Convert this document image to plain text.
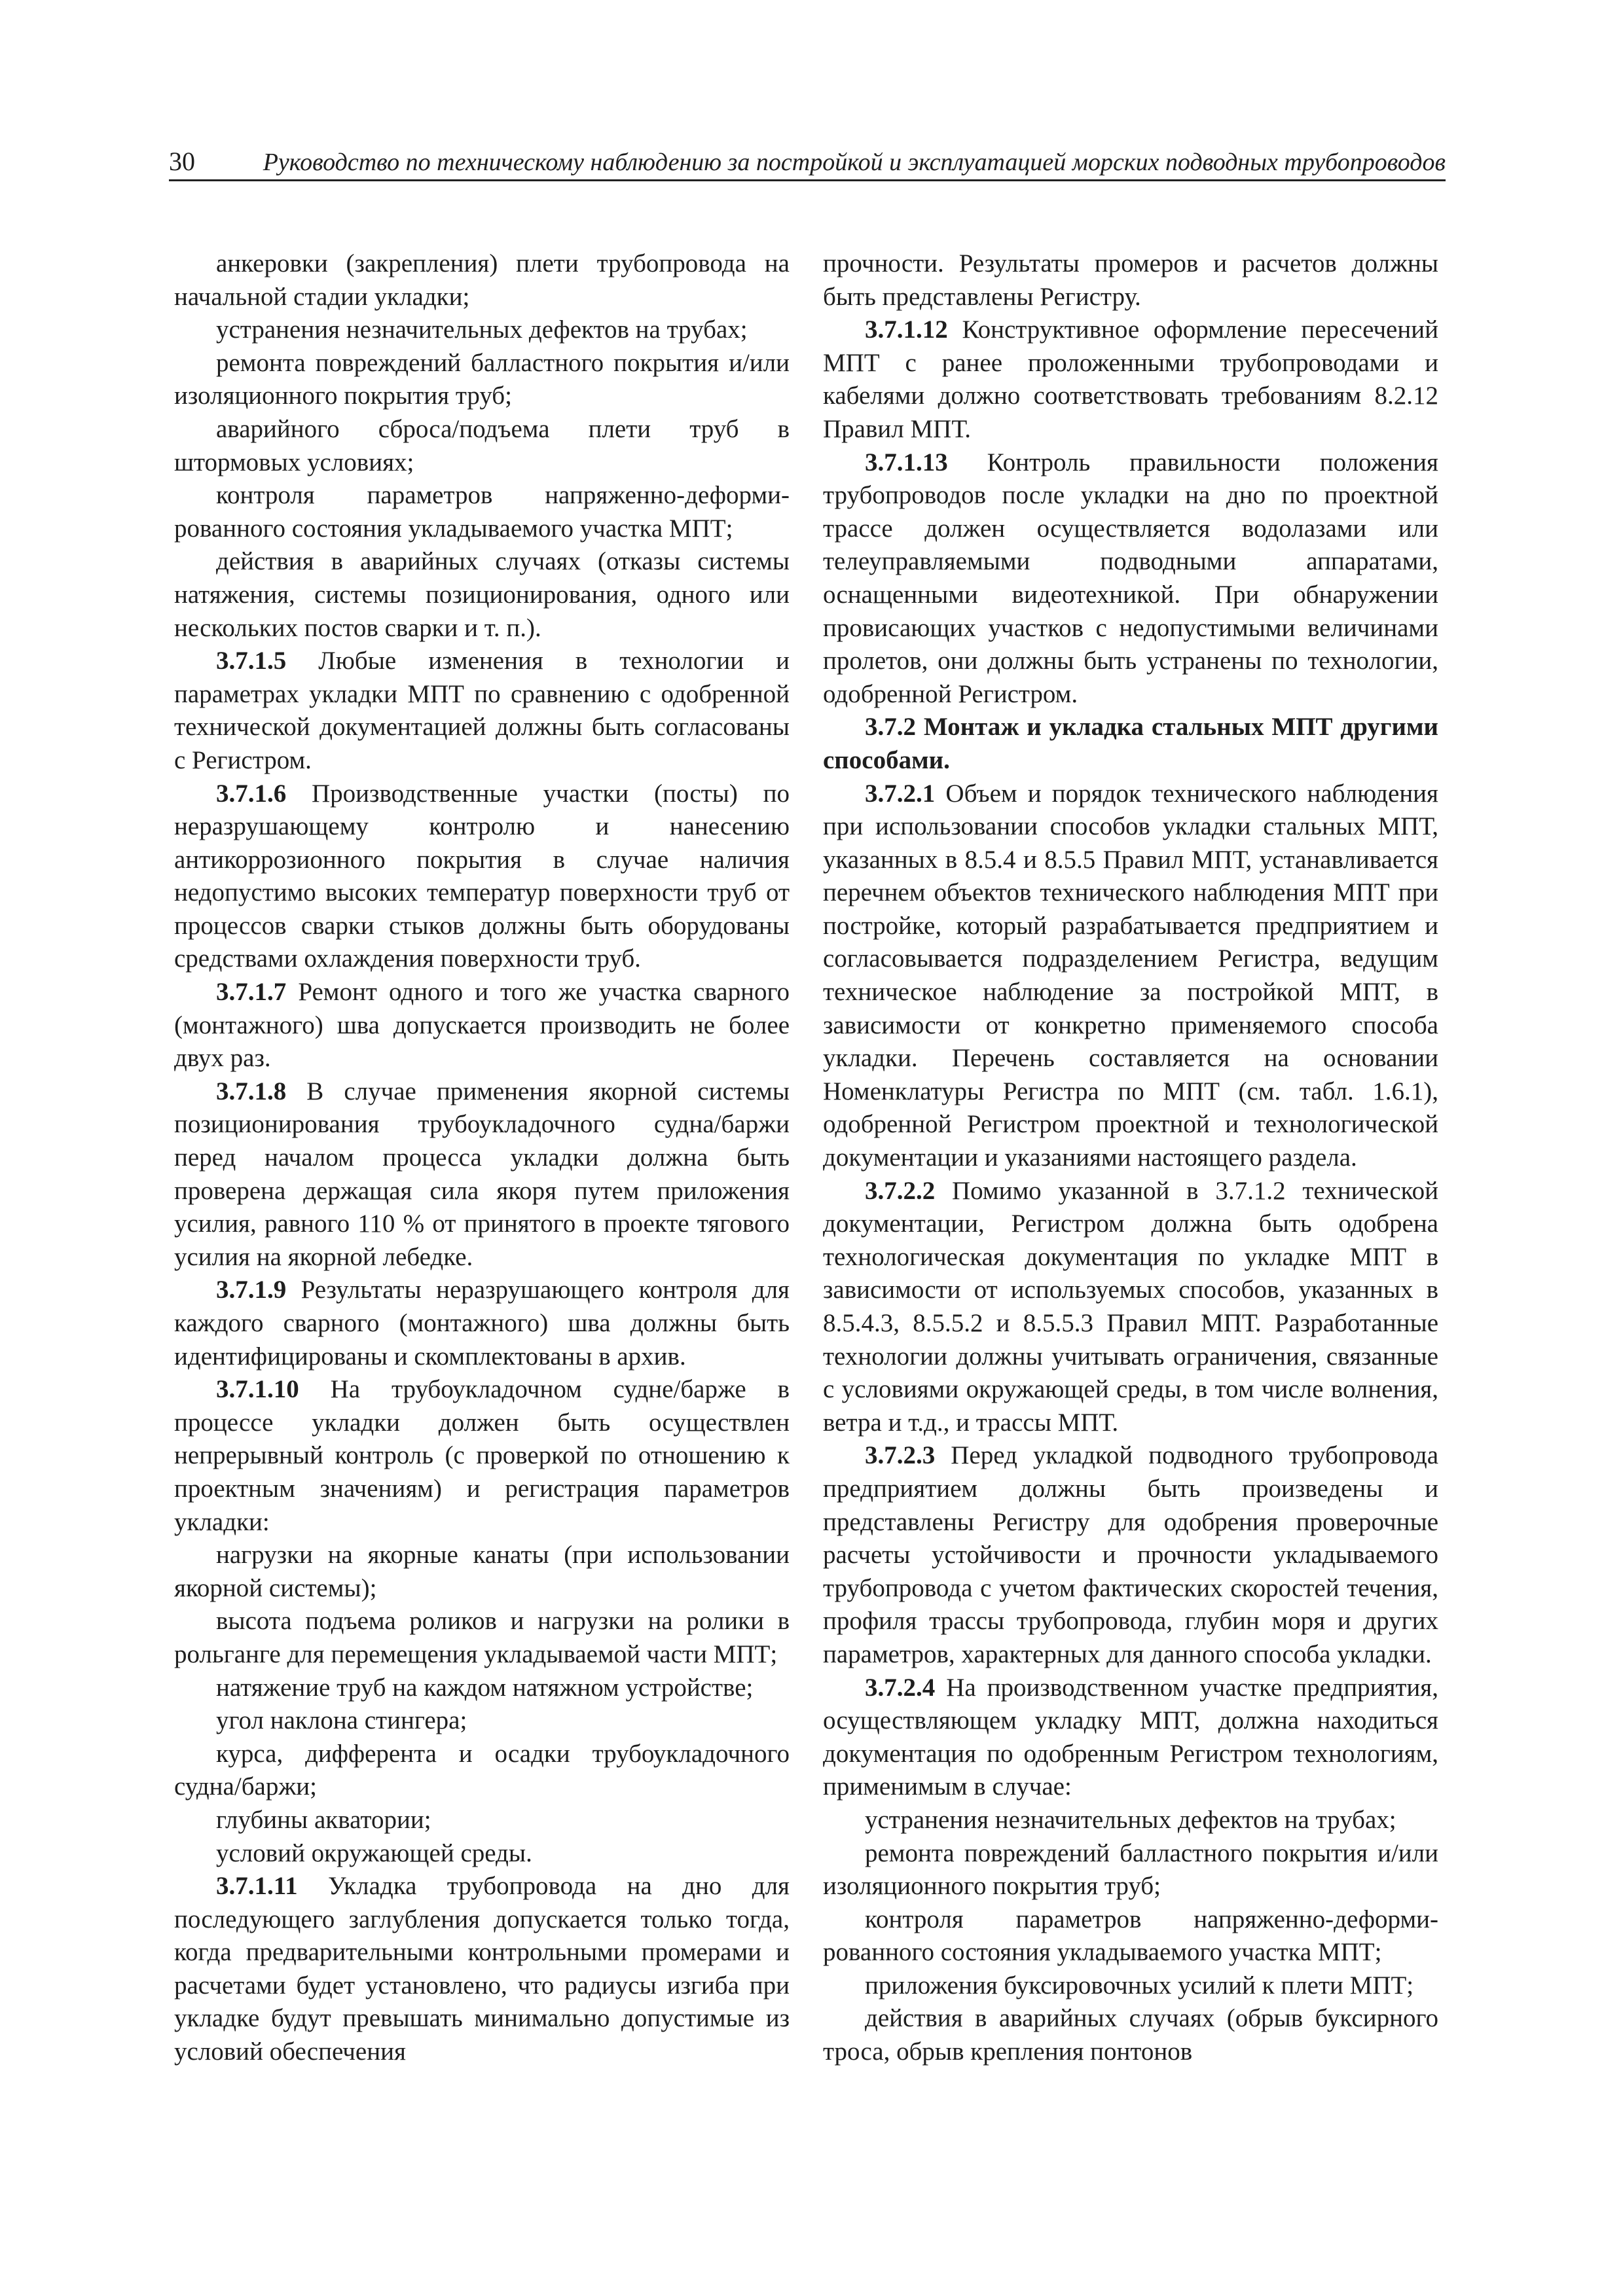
30	Руководство по техническому наблюдению за постройкой и эксплуатацией морских подводных трубопроводов

анкеровки (закрепления) плети трубопровода на начальной стадии укладки;

устранения незначительных дефектов на трубах;

ремонта повреждений балластного покрытия и/или изоляционного покрытия труб;

аварийного сброса/подъема плети труб в штормовых условиях;

контроля параметров напряженно-деформированного состояния укладываемого участка МПТ;

действия в аварийных случаях (отказы системы натяжения, системы позиционирования, одного или нескольких постов сварки и т. п.).

3.7.1.5 Любые изменения в технологии и параметрах укладки МПТ по сравнению с одобренной технической документацией должны быть согласованы с Регистром.

3.7.1.6 Производственные участки (посты) по неразрушающему контролю и нанесению антикоррозионного покрытия в случае наличия недопустимо высоких температур поверхности труб от процессов сварки стыков должны быть оборудованы средствами охлаждения поверхности труб.

3.7.1.7 Ремонт одного и того же участка сварного (монтажного) шва допускается производить не более двух раз.

3.7.1.8 В случае применения якорной системы позиционирования трубоукладочного судна/баржи перед началом процесса укладки должна быть проверена держащая сила якоря путем приложения усилия, равного 110 % от принятого в проекте тягового усилия на якорной лебедке.

3.7.1.9 Результаты неразрушающего контроля для каждого сварного (монтажного) шва должны быть идентифицированы и скомплектованы в архив.

3.7.1.10 На трубоукладочном судне/барже в процессе укладки должен быть осуществлен непрерывный контроль (с проверкой по отношению к проектным значениям) и регистрация параметров укладки:

нагрузки на якорные канаты (при использовании якорной системы);

высота подъема роликов и нагрузки на ролики в рольганге для перемещения укладываемой части МПТ;

натяжение труб на каждом натяжном устройстве;

угол наклона стингера;

курса, дифферента и осадки трубоукладочного судна/баржи;

глубины акватории;

условий окружающей среды.

3.7.1.11 Укладка трубопровода на дно для последующего заглубления допускается только тогда, когда предварительными контрольными промерами и расчетами будет установлено, что радиусы изгиба при укладке будут превышать минимально допустимые из условий обеспечения

прочности. Результаты промеров и расчетов должны быть представлены Регистру.

3.7.1.12 Конструктивное оформление пересечений МПТ с ранее проложенными трубопроводами и кабелями должно соответствовать требованиям 8.2.12 Правил МПТ.

3.7.1.13 Контроль правильности положения трубопроводов после укладки на дно по проектной трассе должен осуществляется водолазами или телеуправляемыми подводными аппаратами, оснащенными видеотехникой. При обнаружении провисающих участков с недопустимыми величинами пролетов, они должны быть устранены по технологии, одобренной Регистром.

3.7.2 Монтаж и укладка стальных МПТ другими способами.

3.7.2.1 Объем и порядок технического наблюдения при использовании способов укладки стальных МПТ, указанных в 8.5.4 и 8.5.5 Правил МПТ, устанавливается перечнем объектов технического наблюдения МПТ при постройке, который разрабатывается предприятием и согласовывается подразделением Регистра, ведущим техническое наблюдение за постройкой МПТ, в зависимости от конкретно применяемого способа укладки. Перечень составляется на основании Номенклатуры Регистра по МПТ (см. табл. 1.6.1), одобренной Регистром проектной и технологической документации и указаниями настоящего раздела.

3.7.2.2 Помимо указанной в 3.7.1.2 технической документации, Регистром должна быть одобрена технологическая документация по укладке МПТ в зависимости от используемых способов, указанных в 8.5.4.3, 8.5.5.2 и 8.5.5.3 Правил МПТ. Разработанные технологии должны учитывать ограничения, связанные с условиями окружающей среды, в том числе волнения, ветра и т.д., и трассы МПТ.

3.7.2.3 Перед укладкой подводного трубопровода предприятием должны быть произведены и представлены Регистру для одобрения проверочные расчеты устойчивости и прочности укладываемого трубопровода с учетом фактических скоростей течения, профиля трассы трубопровода, глубин моря и других параметров, характерных для данного способа укладки.

3.7.2.4 На производственном участке предприятия, осуществляющем укладку МПТ, должна находиться документация по одобренным Регистром технологиям, применимым в случае:

устранения незначительных дефектов на трубах;

ремонта повреждений балластного покрытия и/или изоляционного покрытия труб;

контроля параметров напряженно-деформированного состояния укладываемого участка МПТ;

приложения буксировочных усилий к плети МПТ;

действия в аварийных случаях (обрыв буксирного троса, обрыв крепления понтонов
